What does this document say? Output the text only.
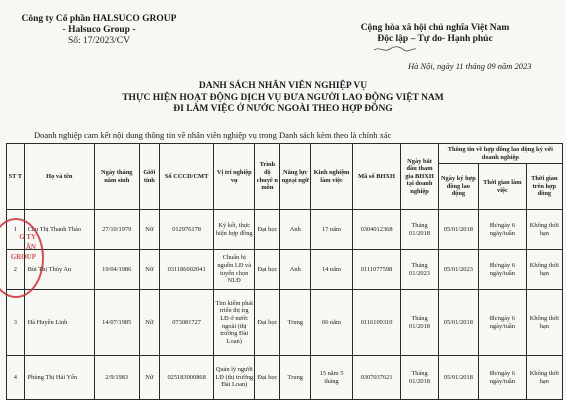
Công ty Cổ phần HALSUCO GROUP
- Halsuco Group -
Số: 17/2023/CV
Cộng hòa xã hội chủ nghĩa Việt Nam
Độc lập – Tự do- Hạnh phúc
Hà Nội, ngày 11 tháng 09 năm 2023
DANH SÁCH NHÂN VIÊN NGHIỆP VỤ
THỰC HIỆN HOẠT ĐỘNG DỊCH VỤ ĐƯA NGƯỜI LAO ĐỘNG VIỆT NAM
ĐI LÀM VIỆC Ở NƯỚC NGOÀI THEO HỢP ĐỒNG
Doanh nghiệp cam kết nội dung thông tin về nhân viên nghiệp vụ trong Danh sách kèm theo là chính xác
ST T	Họ và tên	Ngày tháng năm sinh	Giới tính	Số CCCD/CMT	Vị trí nghiệp vụ	Trình độ chuyê n môn	Năng lực ngoại ngữ	Kinh nghiệm làm việc	Mã số BHXH	Ngày bắt đầu tham gia BHXH tại doanh nghiệp	Thông tin về hợp đồng lao động ký với doanh nghiệp		
											Ngày ký hợp đồng lao động	Thời gian làm việc	Thời gian trên hợp đồng
1	Chu Thị Thanh Thảo	27/10/1979	Nữ	012976178	Ký kết, thực hiện hợp đồng	Đại học	Anh	17 năm	0304012368	Tháng 01/2018	05/01/2018	8h/ngày 6 ngày/tuần	Không thời hạn
2	Bùi Thị Thúy An	19/04/1986	Nữ	031186002041	Chuẩn bị nguồn LĐ và tuyển chọn NLĐ	Đại học	Anh	14 năm	0111077598	Tháng 01/2023	05/01/2023	8h/ngày 6 ngày/tuần	Không thời hạn
3	Hà Huyền Linh	14/07/1985	Nữ	073081727	Tìm kiếm phát triển thị trg LĐ ở nước ngoài (thị trường Đài Loan)	Đại học	Trung	06 năm	0116109310	Tháng 01/2018	05/01/2018	8h/ngày 6 ngày/tuần	Không thời hạn
4	Phùng Thị Hải Yến	2/9/1983	Nữ	025183000868	Quản lý người LĐ (thị trường Đài Loan)	Đại học	Trung	15 năm 5 tháng	0307037621	Tháng 01/2018	05/01/2018	8h/ngày 6 ngày/tuần	Không thời hạn
G TY
ẦN
GROUP
